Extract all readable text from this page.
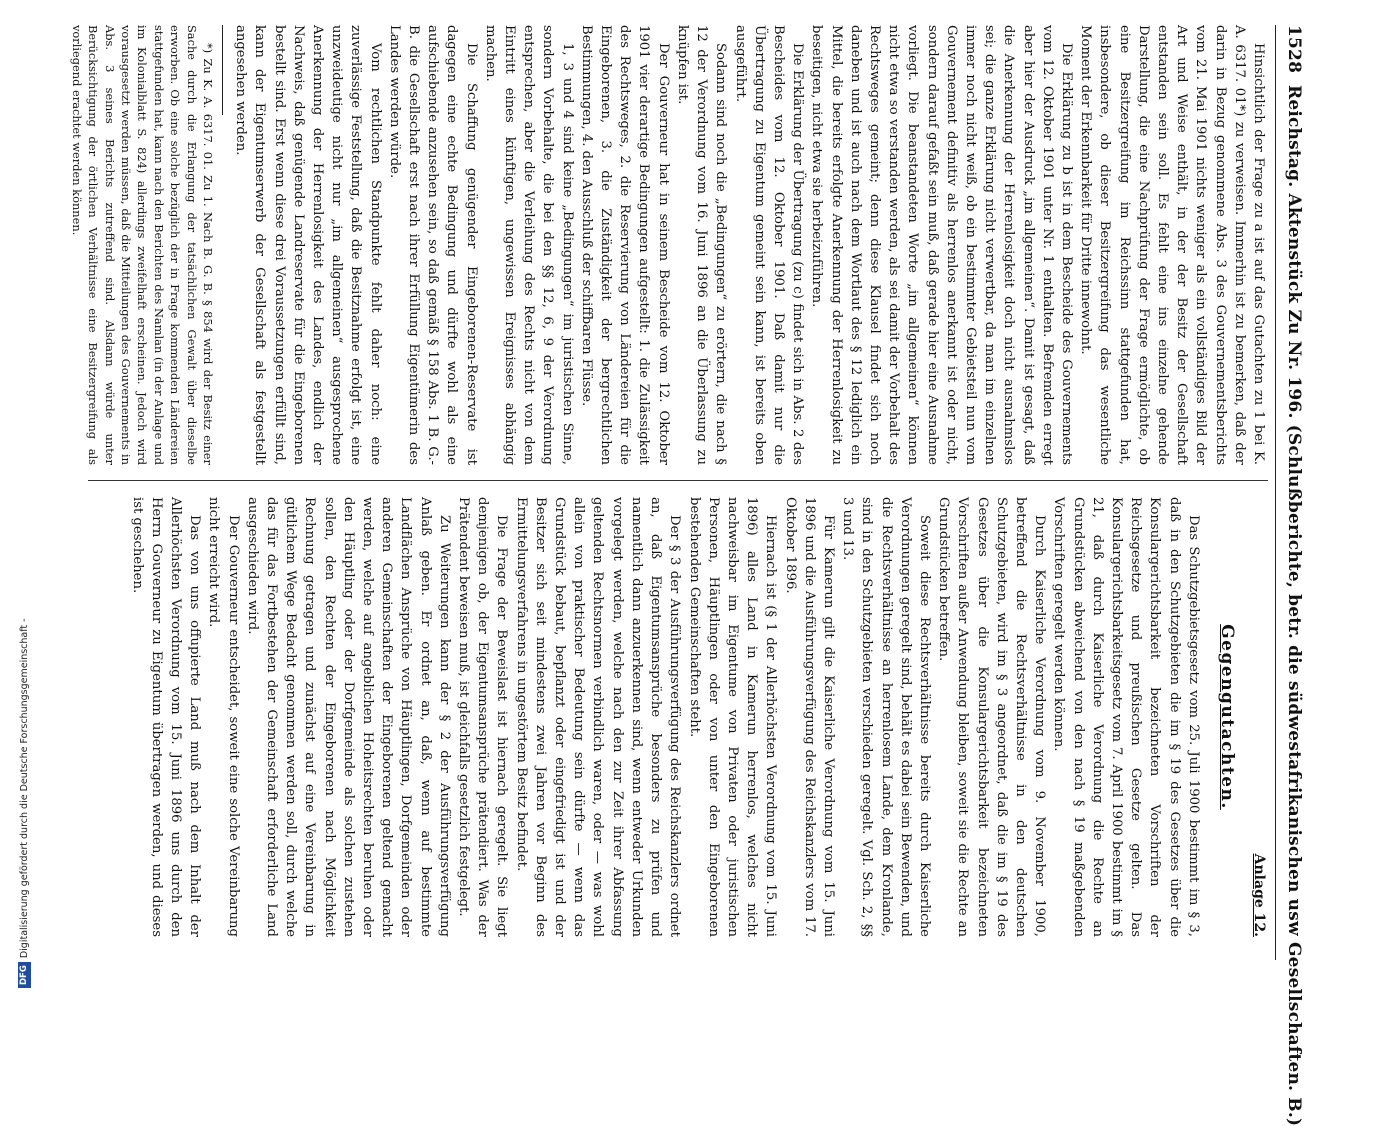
DFGDigitalisierung gefördert durch die Deutsche Forschungsgemeinschaft -
1528
Reichstag. Aktenstück Zu Nr. 196. (Schlußberichte, betr. die südwestafrikanischen usw Gesellschaften. B.)

Hinsichtlich der Frage zu a ist auf das Gutachten zu 1 bei K. A. 6317. 01*) zu verweisen. Immerhin ist zu bemerken, daß der darin in Bezug genommene Abs. 3 des Gouvernementsberichts vom 21. Mai 1901 nichts weniger als ein vollständiges Bild der Art und Weise enthält, in der der Besitz der Gesellschaft entstanden sein soll. Es fehlt eine ins einzelne gehende Darstellung, die eine Nachprüfung der Frage ermöglichte, ob eine Besitzergreifung im Reichssinn stattgefunden hat, insbesondere, ob dieser Besitzergreifung das wesentliche Moment der Erkennbarkeit für Dritte innewohnt.

Die Erklärung zu b ist in dem Bescheide des Gouvernements vom 12. Oktober 1901 unter Nr. 1 enthalten. Befremden erregt aber hier der Ausdruck „im allgemeinen“. Damit ist gesagt, daß die Anerkennung der Herrenlosigkeit doch nicht ausnahmslos sei; die ganze Erklärung nicht verwertbar, da man im einzelnen immer noch nicht weiß, ob ein bestimmter Gebietsteil nun vom Gouvernement definitiv als herrenlos anerkannt ist oder nicht, sondern darauf gefaßt sein muß, daß gerade hier eine Ausnahme vorliegt. Die beanstandeten Worte „im allgemeinen“ können nicht etwa so verstanden werden, als sei damit der Vorbehalt des Rechtsweges gemeint; denn diese Klausel findet sich noch daneben und ist auch nach dem Wortlaut des § 12 lediglich ein Mittel, die bereits erfolgte Anerkennung der Herrenlosigkeit zu beseitigen, nicht etwa sie herbeizuführen.

Die Erklärung der Übertragung (zu c) findet sich in Abs. 2 des Bescheides vom 12. Oktober 1901. Daß damit nur die Übertragung zu Eigentum gemeint sein kann, ist bereits oben ausgeführt.

Sodann sind noch die „Bedingungen“ zu erörtern, die nach § 12 der Verordnung vom 16. Juni 1896 an die Überlassung zu knüpfen ist.

Der Gouverneur hat in seinem Bescheide vom 12. Oktober 1901 vier derartige Bedingungen aufgestellt: 1. die Zulässigkeit des Rechtsweges, 2. die Reservierung von Ländereien für die Eingeborenen, 3. die Zuständigkeit der bergrechtlichen Bestimmungen, 4. den Ausschluß der schiffbaren Flüsse.

1, 3 und 4 sind keine „Bedingungen“ im juristischen Sinne, sondern Vorbehalte, die bei den §§ 12, 6, 9 der Verordnung entsprechen, aber die Verleihung des Rechts nicht von dem Eintritt eines künftigen, ungewissen Ereignisses abhängig machen.

Die Schaffung genügender Eingeborenen-Reservate ist dagegen eine echte Bedingung und dürfte wohl als eine aufschiebende anzusehen sein, so daß gemäß § 158 Abs. 1 B. G.-B. die Gesellschaft erst nach ihrer Erfüllung Eigentümerin des Landes werden würde.

Vom rechtlichen Standpunkte fehlt daher noch: eine zuverlässige Feststellung, daß die Besitznahme erfolgt ist, eine unzweideutige nicht nur „im allgemeinen“ ausgesprochene Anerkennung der Herrenlosigkeit des Landes, endlich der Nachweis, daß genügende Landreservate für die Eingeborenen bestellt sind. Erst wenn diese drei Voraussetzungen erfüllt sind, kann der Eigentumserwerb der Gesellschaft als festgestellt angesehen werden.

*) Zu K. A. 6317. 01. Zu 1. Nach B. G. B. § 854 wird der Besitz einer Sache durch die Erlangung der tatsächlichen Gewalt über dieselbe erworben. Ob eine solche bezüglich der in Frage kommenden Ländereien stattgefunden hat, kann nach den Berichten des Namlan (in der Anlage und im Kolonialblatt S. 824) allerdings zweifelhaft erscheinen. Jedoch wird vorausgesetzt werden müssen, daß die Mitteilungen des Gouvernements in Abs. 3 seines Berichts zutreffend sind. Alsdann würde unter Berücksichtigung der örtlichen Verhältnisse eine Besitzergreifung als vorliegend erachtet werden können.

Anlage 12.
Gegengutachten.

Das Schutzgebietsgesetz vom 25. Juli 1900 bestimmt im § 3, daß in den Schutzgebieten die im § 19 des Gesetzes über die Konsulargerichtsbarkeit bezeichneten Vorschriften der Reichsgesetze und preußischen Gesetze gelten. Das Konsulargerichtsbarkeitsgesetz vom 7. April 1900 bestimmt im § 21, daß durch Kaiserliche Verordnung die Rechte an Grundstücken abweichend von den nach § 19 maßgebenden Vorschriften geregelt werden können.

Durch Kaiserliche Verordnung vom 9. November 1900, betreffend die Rechtsverhältnisse in den deutschen Schutzgebieten, wird im § 3 angeordnet, daß die im § 19 des Gesetzes über die Konsulargerichtsbarkeit bezeichneten Vorschriften außer Anwendung bleiben, soweit sie die Rechte an Grundstücken betreffen.

Soweit diese Rechtsverhältnisse bereits durch Kaiserliche Verordnungen geregelt sind, behält es dabei sein Bewenden, und die Rechtsverhältnisse an herrenlosem Lande, dem Kronlande, sind in den Schutzgebieten verschieden geregelt. Vgl. Sch. 2, §§ 3 und 13.

Für Kamerun gilt die Kaiserliche Verordnung vom 15. Juni 1896 und die Ausführungsverfügung des Reichskanzlers vom 17. Oktober 1896.

Hiernach ist (§ 1 der Allerhöchsten Verordnung vom 15. Juni 1896) alles Land in Kamerun herrenlos, welches nicht nachweisbar im Eigentume von Privaten oder juristischen Personen, Häuptlingen oder von unter den Eingeborenen bestehenden Gemeinschaften steht.

Der § 3 der Ausführungsverfügung des Reichskanzlers ordnet an, daß Eigentumsansprüche besonders zu prüfen und namentlich dann anzuerkennen sind, wenn entweder Urkunden vorgelegt werden, welche nach den zur Zeit ihrer Abfassung geltenden Rechtsnormen verbindlich waren, oder — was wohl allein von praktischer Bedeutung sein dürfte — wenn das Grundstück bebaut, bepflanzt oder eingefriedigt ist und der Besitzer sich seit mindestens zwei Jahren vor Beginn des Ermittelungsverfahrens in ungestörtem Besitz befindet.

Die Frage der Beweislast ist hiernach geregelt. Sie liegt demjenigen ob, der Eigentumsansprüche prätendiert. Was der Prätendent beweisen muß, ist gleichfalls gesetzlich festgelegt.

Zu Weiterungen kann der § 2 der Ausführungsverfügung Anlaß geben. Er ordnet an, daß, wenn auf bestimmte Landflächen Ansprüche von Häuptlingen, Dorfgemeinden oder anderen Gemeinschaften der Eingeborenen geltend gemacht werden, welche auf angeblichen Hoheitsrechten beruhen oder den Häuptling oder der Dorfgemeinde als solchen zustehen sollen, den Rechten der Eingeborenen nach Möglichkeit Rechnung getragen und zunächst auf eine Vereinbarung in gütlichem Wege Bedacht genommen werden soll, durch welche das für das Fortbestehen der Gemeinschaft erforderliche Land ausgeschieden wird.

Der Gouverneur entscheidet, soweit eine solche Vereinbarung nicht erreicht wird.

Das von uns offupierte Land muß nach dem Inhalt der Allerhöchsten Verordnung vom 15. Juni 1896 uns durch den Herrn Gouverneur zu Eigentum übertragen werden, und dieses ist geschehen.
